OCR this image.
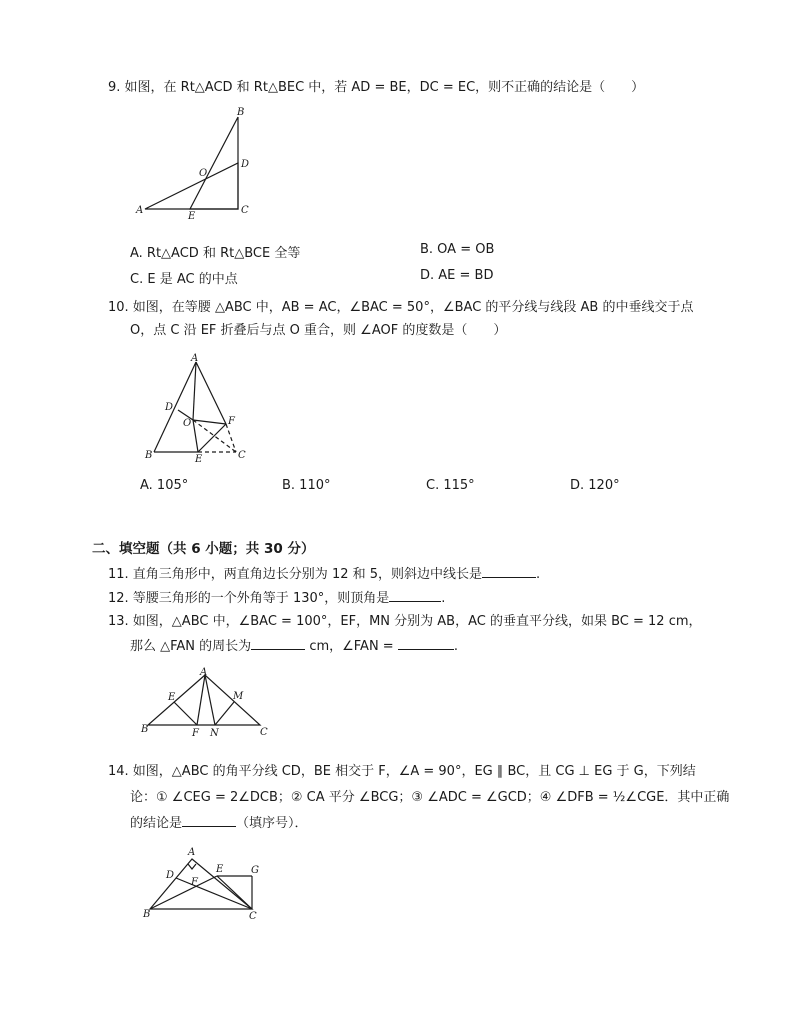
9. 如图，在 Rt△ACD 和 Rt△BEC 中，若 AD = BE，DC = EC，则不正确的结论是（　　）
A
B
C
D
E
O
A. Rt△ACD 和 Rt△BCE 全等	B. OA = OB
C. E 是 AC 的中点	D. AE = BD
10. 如图，在等腰 △ABC 中，AB = AC，∠BAC = 50°，∠BAC 的平分线与线段 AB 的中垂线交于点
O，点 C 沿 EF 折叠后与点 O 重合，则 ∠AOF 的度数是（　　）
A
B	C
D
E
F
O
A. 105°	B. 110°	C. 115°	D. 120°
二、填空题（共 6 小题；共 30 分）
11. 直角三角形中，两直角边长分别为 12 和 5，则斜边中线长是	.
12. 等腰三角形的一个外角等于 130°，则顶角是	.
13. 如图，△ABC 中，∠BAC = 100°，EF，MN 分别为 AB，AC 的垂直平分线，如果 BC = 12 cm，
那么 △FAN 的周长为	cm，∠FAN =	.
A
B	C
E
F
M
N
14. 如图，△ABC 的角平分线 CD，BE 相交于 F，∠A = 90°，EG ∥ BC，且 CG ⊥ EG 于 G，下列结
论：① ∠CEG = 2∠DCB；② CA 平分 ∠BCG；③ ∠ADC = ∠GCD；④ ∠DFB = ½∠CGE．其中正确
的结论是	（填序号）．
A
B	C
D
E
F
G
